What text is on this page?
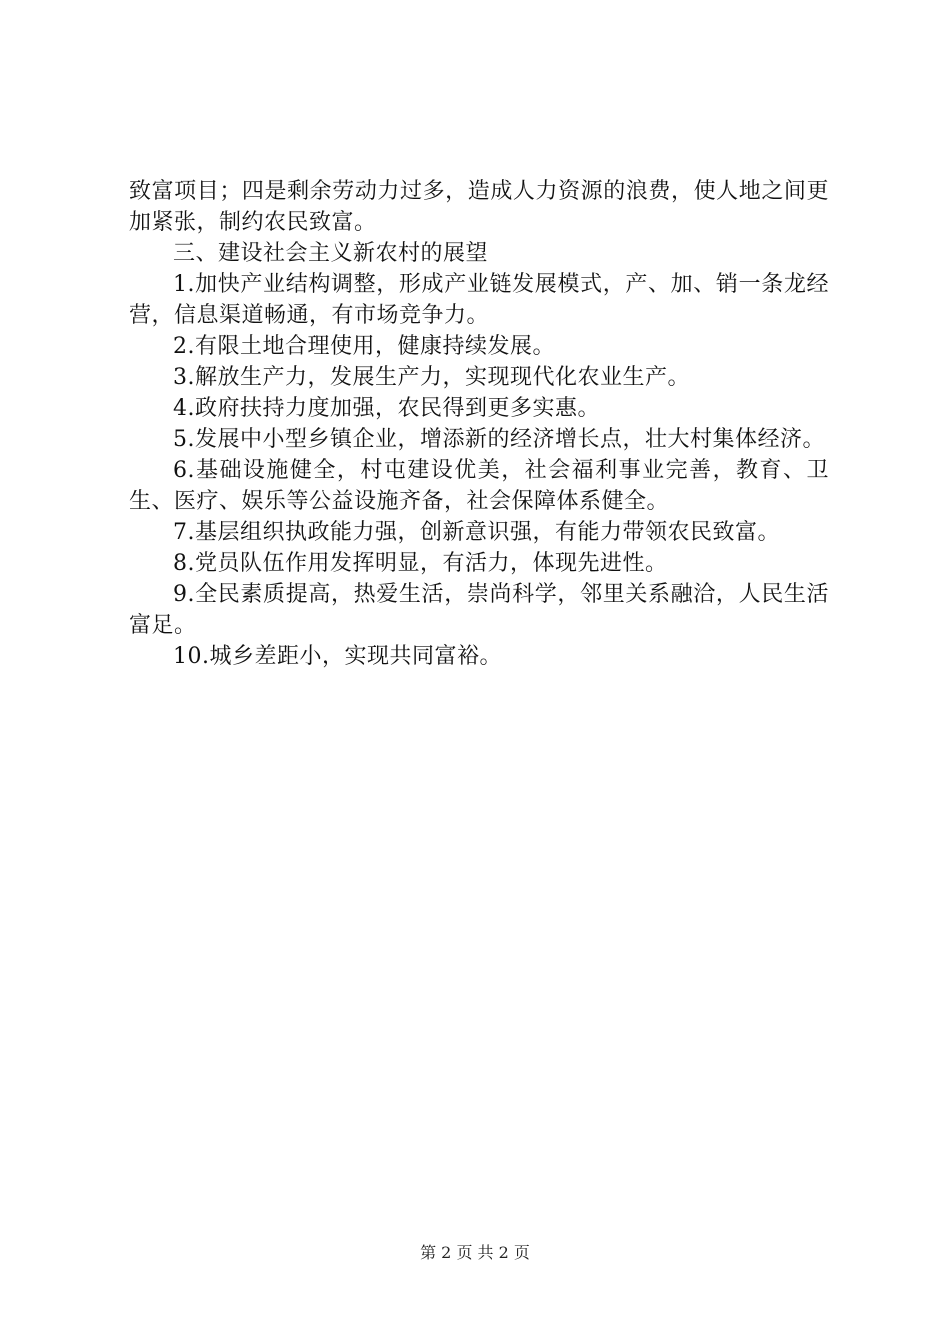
致富项目；四是剩余劳动力过多，造成人力资源的浪费，使人地之间更加紧张，制约农民致富。

三、建设社会主义新农村的展望

1.加快产业结构调整，形成产业链发展模式，产、加、销一条龙经营，信息渠道畅通，有市场竞争力。

2.有限土地合理使用，健康持续发展。

3.解放生产力，发展生产力，实现现代化农业生产。

4.政府扶持力度加强，农民得到更多实惠。

5.发展中小型乡镇企业，增添新的经济增长点，壮大村集体经济。

6.基础设施健全，村屯建设优美，社会福利事业完善，教育、卫生、医疗、娱乐等公益设施齐备，社会保障体系健全。

7.基层组织执政能力强，创新意识强，有能力带领农民致富。

8.党员队伍作用发挥明显，有活力，体现先进性。

9.全民素质提高，热爱生活，崇尚科学，邻里关系融洽，人民生活富足。

10.城乡差距小，实现共同富裕。

第 2 页 共 2 页
